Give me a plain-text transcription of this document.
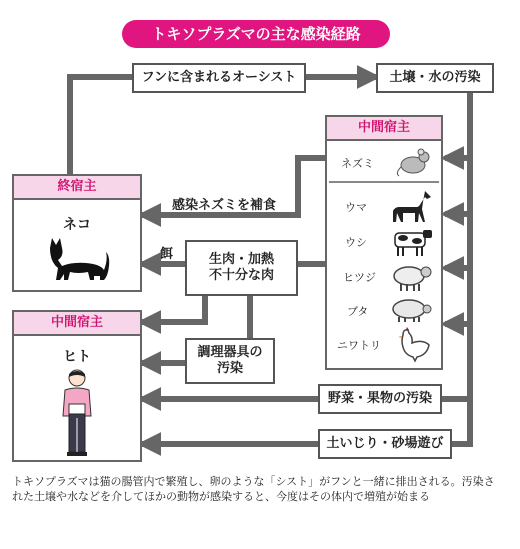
トキソプラズマの主な感染経路
フンに含まれるオーシスト	土壌・水の汚染
終宿主
ネコ
中間宿主
ネズミ
ウマ
ウシ
ヒツジ
ブタ
ニワトリ
生肉・加熱
不十分な肉
感染ネズミを補食
餌
調理器具の
汚染
中間宿主
ヒト
野菜・果物の汚染
土いじり・砂場遊び
トキソプラズマは猫の腸管内で繁殖し、卵のような「シスト」がフンと一緒に排出される。汚染された土壌や水などを介してほかの動物が感染すると、今度はその体内で増殖が始まる
